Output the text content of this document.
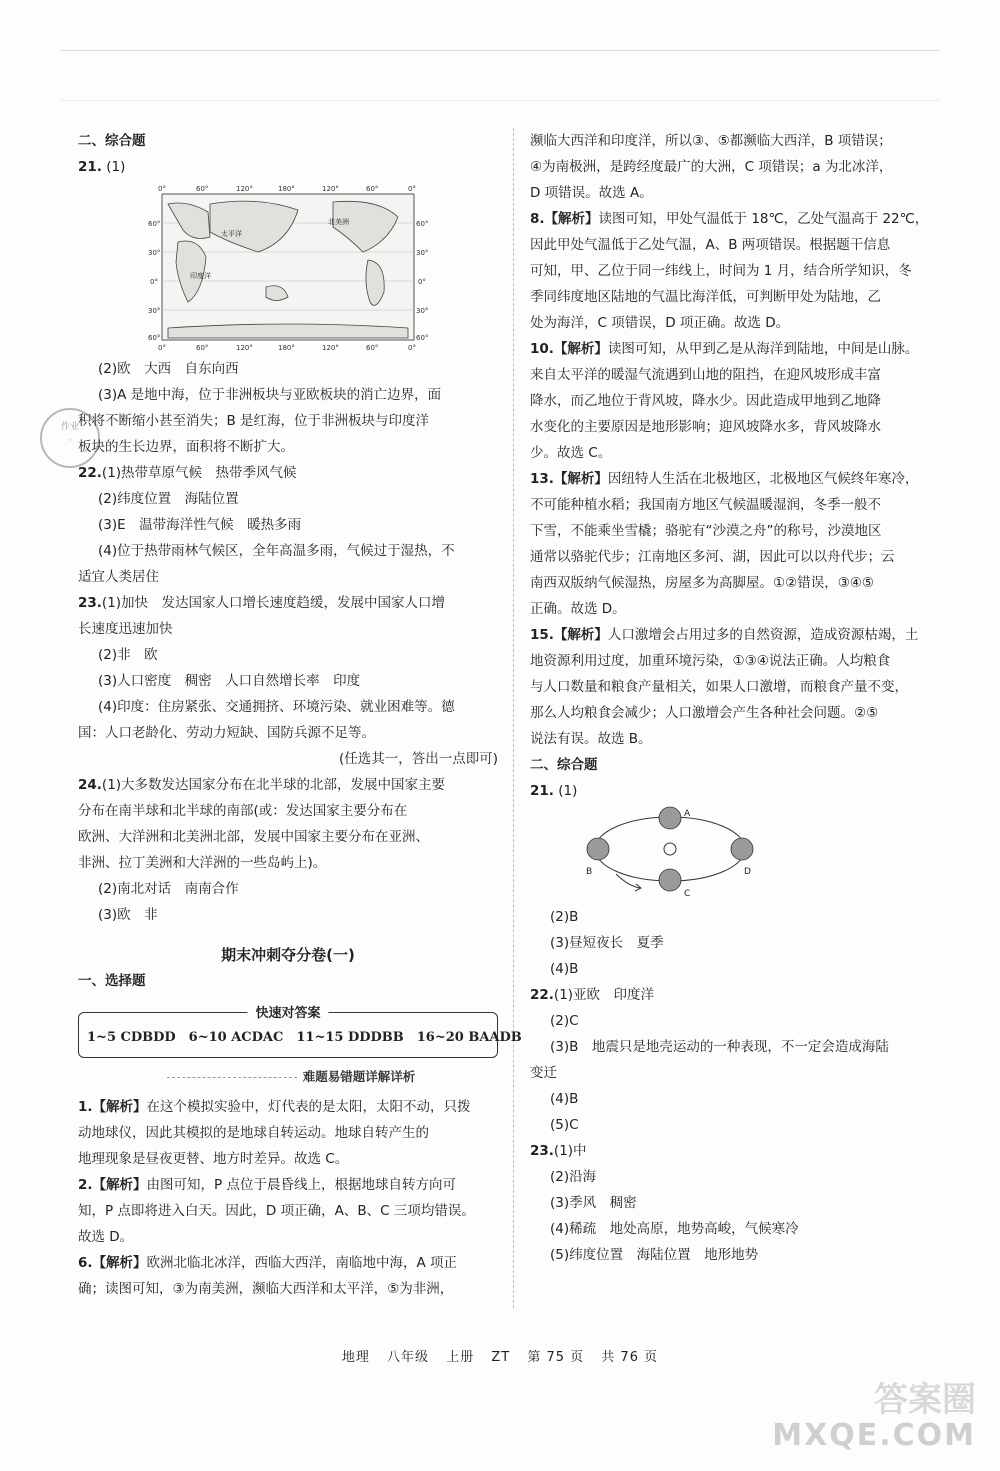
作业
·
二、综合题
21. (1)
太平洋
印度洋
北美洲
0°	60°	120°	180°	120°	60°	0°
0°	60°	120°	180°	120°	60°	0°
60°
30°
0°
30°
60°
60°
30°
0°
30°
60°
(2)欧　大西　自东向西
(3)A 是地中海，位于非洲板块与亚欧板块的消亡边界，面
积将不断缩小甚至消失；B 是红海，位于非洲板块与印度洋
板块的生长边界，面积将不断扩大。
22.(1)热带草原气候　热带季风气候
(2)纬度位置　海陆位置
(3)E　温带海洋性气候　暖热多雨
(4)位于热带雨林气候区，全年高温多雨，气候过于湿热，不
适宜人类居住
23.(1)加快　发达国家人口增长速度趋缓，发展中国家人口增
长速度迅速加快
(2)非　欧
(3)人口密度　稠密　人口自然增长率　印度
(4)印度：住房紧张、交通拥挤、环境污染、就业困难等。德
国：人口老龄化、劳动力短缺、国防兵源不足等。
(任选其一，答出一点即可)
24.(1)大多数发达国家分布在北半球的北部，发展中国家主要
分布在南半球和北半球的南部(或：发达国家主要分布在
欧洲、大洋洲和北美洲北部，发展中国家主要分布在亚洲、
非洲、拉丁美洲和大洋洲的一些岛屿上)。
(2)南北对话　南南合作
(3)欧　非
期末冲刺夺分卷(一)
一、选择题
快速对答案
1~5 CDBDD　6~10 ACDAC　11~15 DDDBB　16~20 BAADB
难题易错题详解详析
1.【解析】在这个模拟实验中，灯代表的是太阳，太阳不动，只拨
动地球仪，因此其模拟的是地球自转运动。地球自转产生的
地理现象是昼夜更替、地方时差异。故选 C。
2.【解析】由图可知，P 点位于晨昏线上，根据地球自转方向可
知，P 点即将进入白天。因此，D 项正确，A、B、C 三项均错误。
故选 D。
6.【解析】欧洲北临北冰洋，西临大西洋，南临地中海，A 项正
确；读图可知，③为南美洲，濒临大西洋和太平洋，⑤为非洲，
濒临大西洋和印度洋，所以③、⑤都濒临大西洋，B 项错误；
④为南极洲，是跨经度最广的大洲，C 项错误；a 为北冰洋，
D 项错误。故选 A。
8.【解析】读图可知，甲处气温低于 18℃，乙处气温高于 22℃，
因此甲处气温低于乙处气温，A、B 两项错误。根据题干信息
可知，甲、乙位于同一纬线上，时间为 1 月，结合所学知识，冬
季同纬度地区陆地的气温比海洋低，可判断甲处为陆地，乙
处为海洋，C 项错误，D 项正确。故选 D。
10.【解析】读图可知，从甲到乙是从海洋到陆地，中间是山脉。
来自太平洋的暖湿气流遇到山地的阻挡，在迎风坡形成丰富
降水，而乙地位于背风坡，降水少。因此造成甲地到乙地降
水变化的主要原因是地形影响；迎风坡降水多，背风坡降水
少。故选 C。
13.【解析】因纽特人生活在北极地区，北极地区气候终年寒冷，
不可能种植水稻；我国南方地区气候温暖湿润，冬季一般不
下雪，不能乘坐雪橇；骆驼有“沙漠之舟”的称号，沙漠地区
通常以骆驼代步；江南地区多河、湖，因此可以以舟代步；云
南西双版纳气候湿热，房屋多为高脚屋。①②错误，③④⑤
正确。故选 D。
15.【解析】人口激增会占用过多的自然资源，造成资源枯竭，土
地资源利用过度，加重环境污染，①③④说法正确。人均粮食
与人口数量和粮食产量相关，如果人口激增，而粮食产量不变，
那么人均粮食会减少；人口激增会产生各种社会问题。②⑤
说法有误。故选 B。
二、综合题
21. (1)
A
B
C
D
(2)B
(3)昼短夜长　夏季
(4)B
22.(1)亚欧　印度洋
(2)C
(3)B　地震只是地壳运动的一种表现，不一定会造成海陆
变迁
(4)B
(5)C
23.(1)中
(2)沿海
(3)季风　稠密
(4)稀疏　地处高原，地势高峻，气候寒冷
(5)纬度位置　海陆位置　地形地势
地理 八年级 上册 ZT 第 75 页 共 76 页
答案圈
MXQE.COM
